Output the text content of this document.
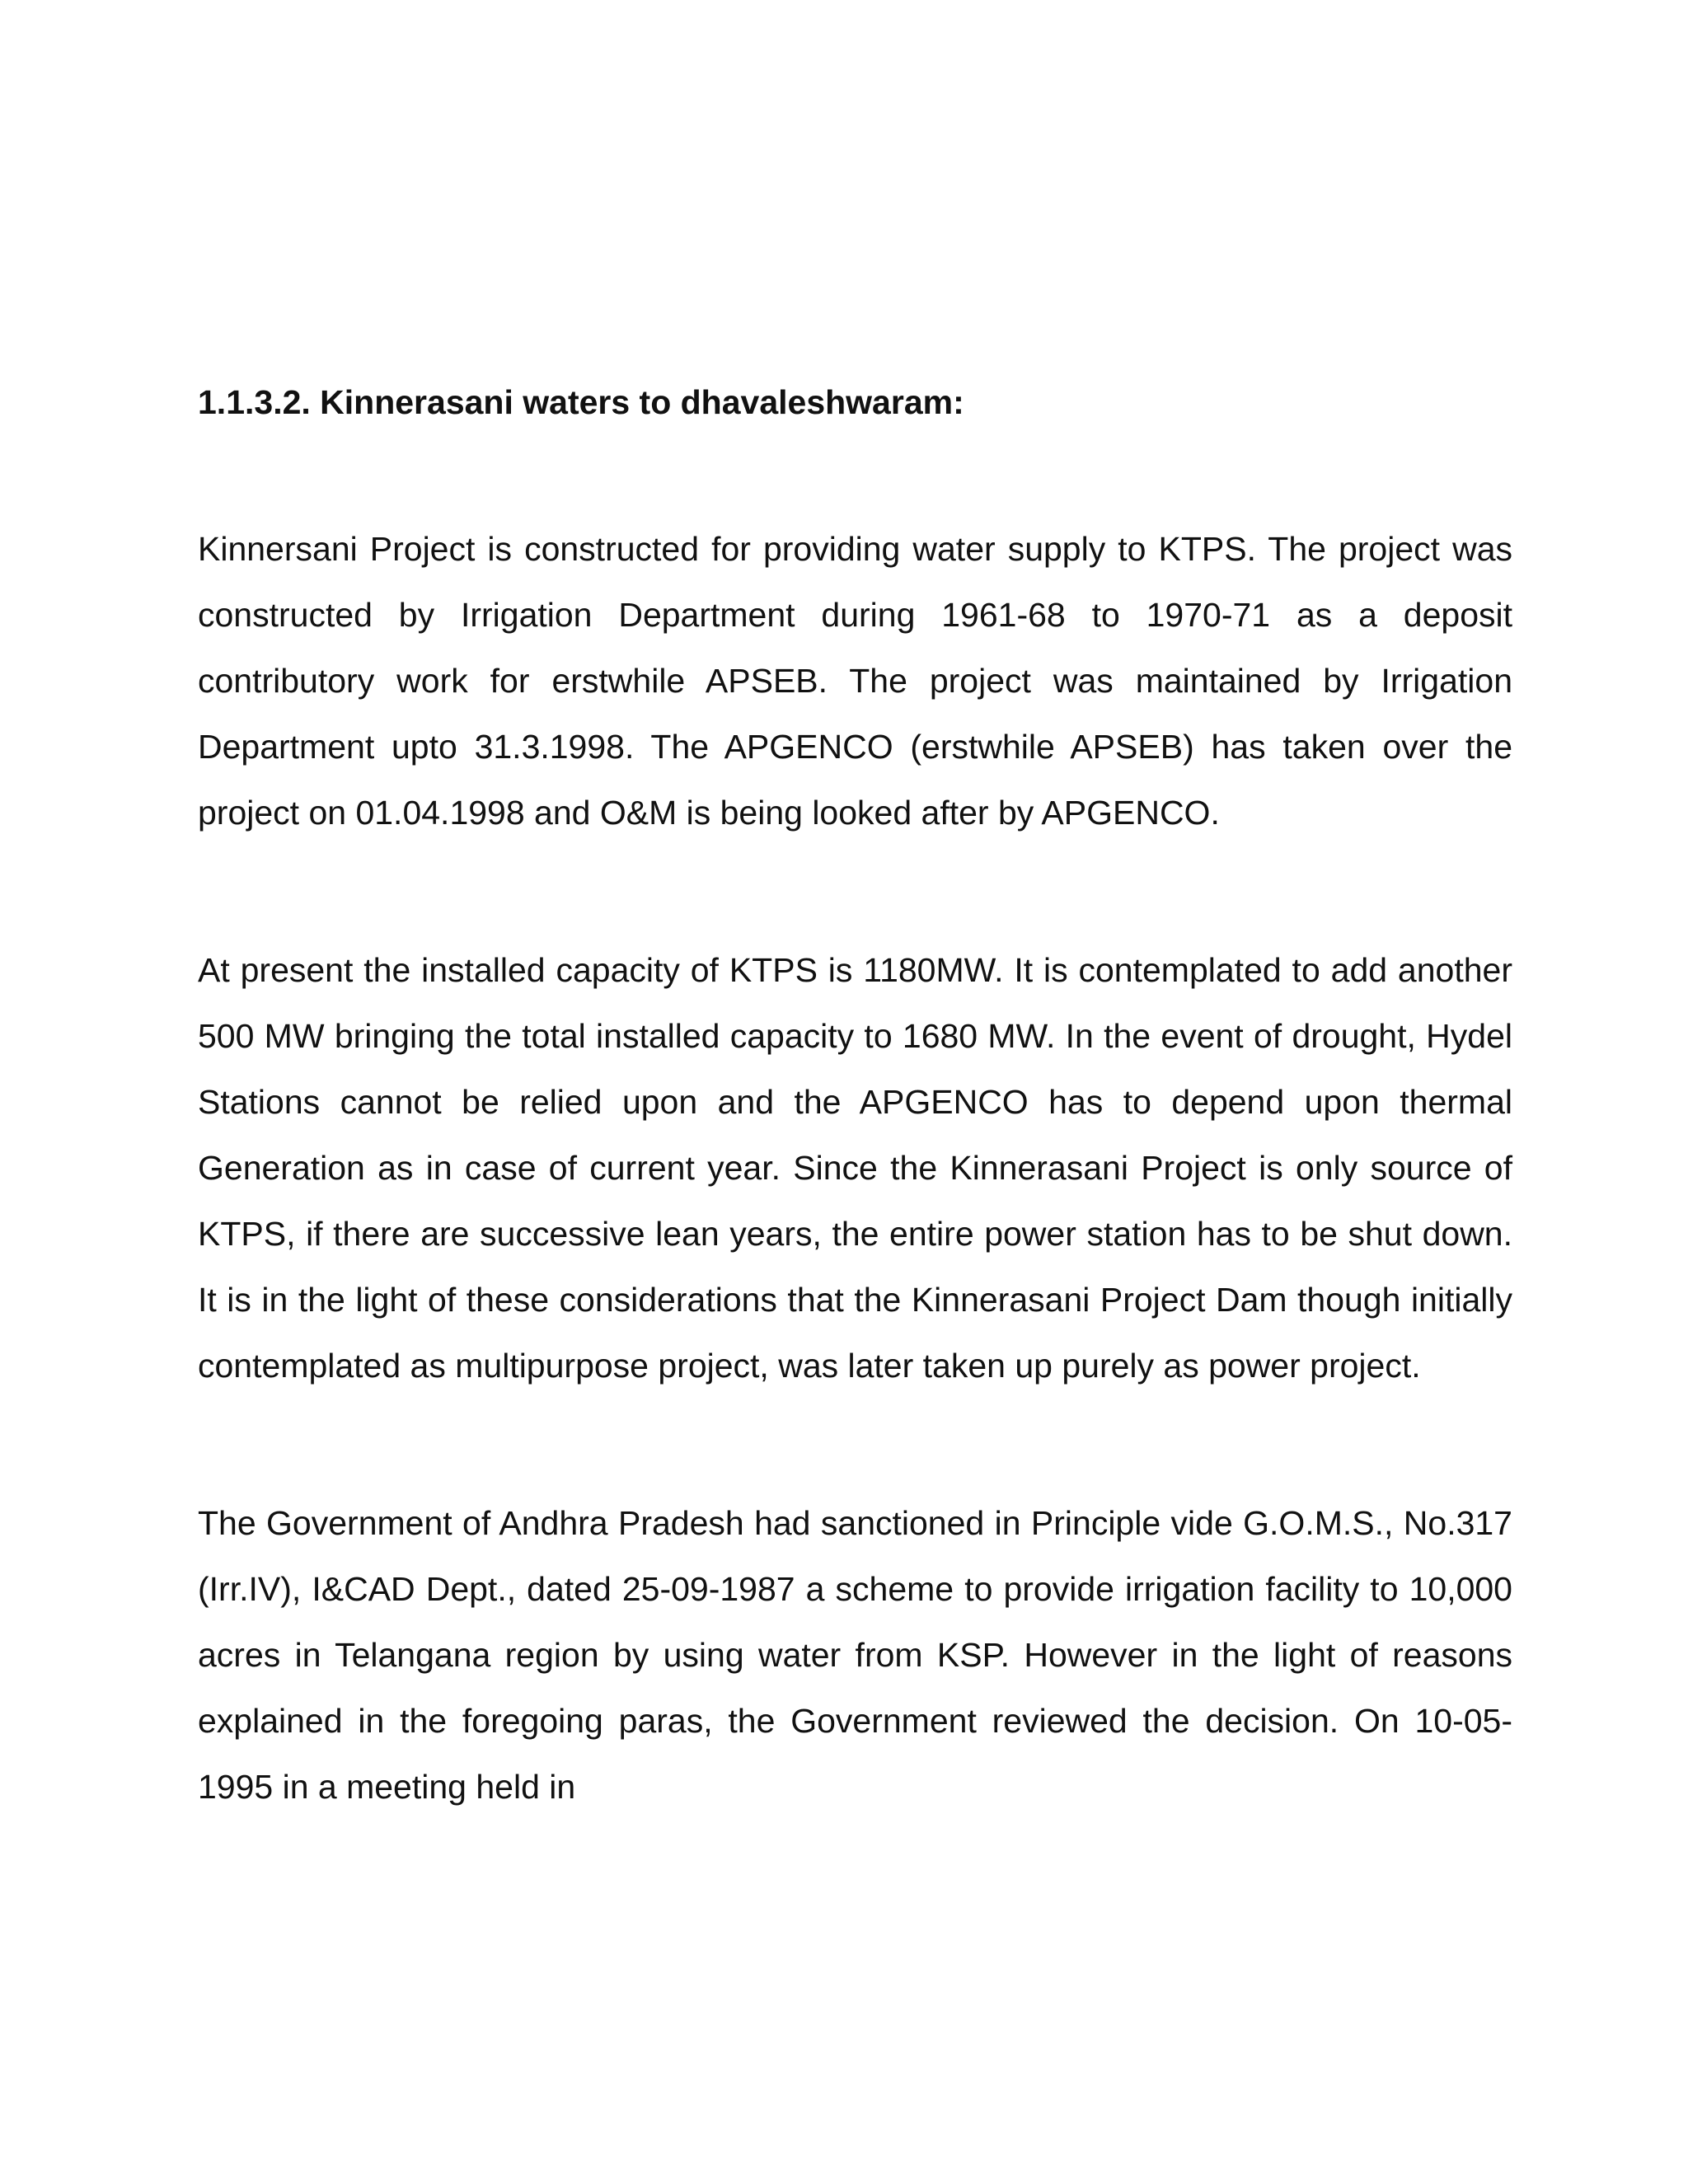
1.1.3.2. Kinnerasani waters to dhavaleshwaram:

Kinnersani Project is constructed for providing water supply to KTPS. The project was constructed by Irrigation Department during 1961-68 to 1970-71 as a deposit contributory work for erstwhile APSEB. The project was maintained by Irrigation Department upto 31.3.1998. The APGENCO (erstwhile APSEB) has taken over the project on 01.04.1998 and O&M is being looked after by APGENCO.

At present the installed capacity of KTPS is 1180MW. It is contemplated to add another 500 MW bringing the total installed capacity to 1680 MW. In the event of drought, Hydel Stations cannot be relied upon and the APGENCO has to depend upon thermal Generation as in case of current year. Since the Kinnerasani Project is only source of KTPS, if there are successive lean years, the entire power station has to be shut down. It is in the light of these considerations that the Kinnerasani Project Dam though initially contemplated as multipurpose project, was later taken up purely as power project.

The Government of Andhra Pradesh had sanctioned in Principle vide G.O.M.S., No.317 (Irr.IV), I&CAD Dept., dated 25-09-1987 a scheme to provide irrigation facility to 10,000 acres in Telangana region by using water from KSP. However in the light of reasons explained in the foregoing paras, the Government reviewed the decision. On 10-05-1995 in a meeting held in
